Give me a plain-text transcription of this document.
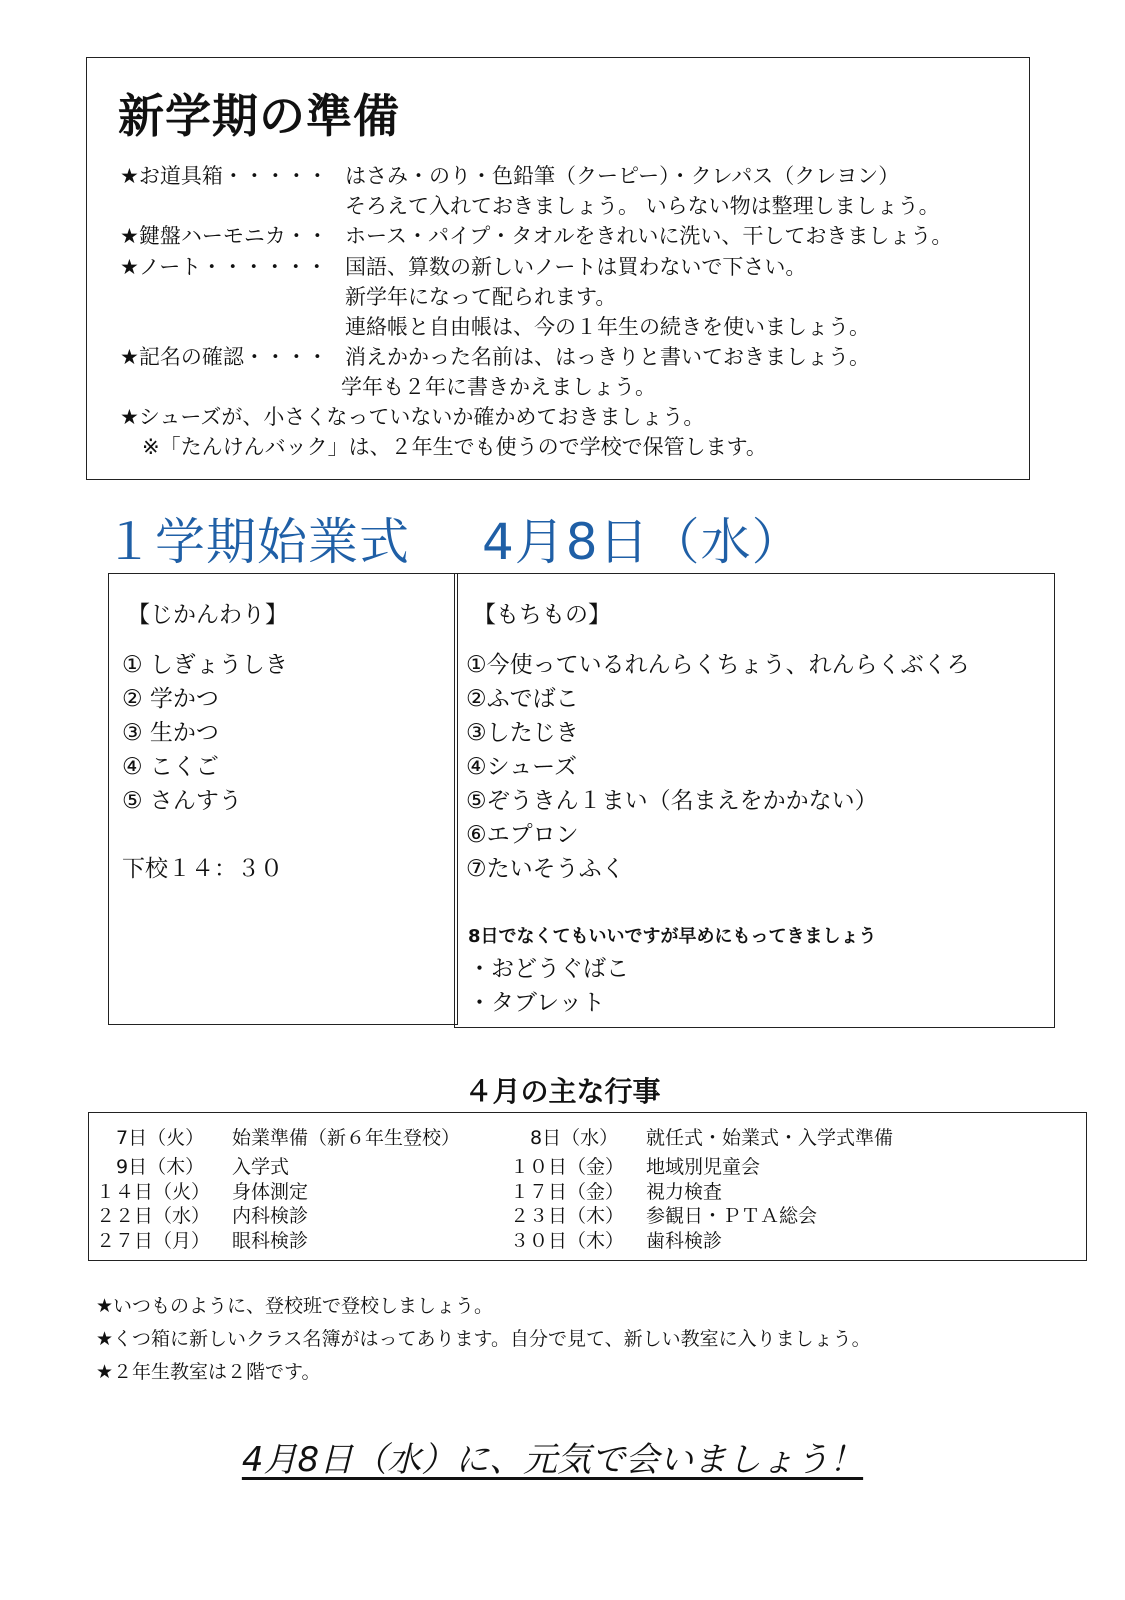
新学期の準備
★お道具箱・・・・・ はさみ・のり・色鉛筆（クーピー）・クレパス（クレヨン）
そろえて入れておきましょう。 いらない物は整理しましょう。
★鍵盤ハーモニカ・・ ホース・パイプ・タオルをきれいに洗い、干しておきましょう。
★ノート・・・・・・ 国語、算数の新しいノートは買わないで下さい。
新学年になって配られます。
連絡帳と自由帳は、今の１年生の続きを使いましょう。
★記名の確認・・・・ 消えかかった名前は、はっきりと書いておきましょう。
学年も２年に書きかえましょう。
★シューズが、小さくなっていないか確かめておきましょう。
※「たんけんバック」は、２年生でも使うので学校で保管します。
１学期始業式 4月8日（水）
【じかんわり】
① しぎょうしき
② 学かつ
③ 生かつ
④ こくご
⑤ さんすう
下校１４：３０
【もちもの】
①今使っているれんらくちょう、れんらくぶくろ
②ふでばこ
③したじき
④シューズ
⑤ぞうきん１まい（名まえをかかない）
⑥エプロン
⑦たいそうふく
8日でなくてもいいですが早めにもってきましょう
・おどうぐばこ
・タブレット
４月の主な行事
7日（火） 始業準備（新６年生登校）
9日（木） 入学式
１４日（火） 身体測定
２２日（水） 内科検診
２７日（月） 眼科検診
8日（水） 就任式・始業式・入学式準備
１０日（金） 地域別児童会
１７日（金） 視力検査
２３日（木） 参観日・ＰＴＡ総会
３０日（木） 歯科検診
★いつものように、登校班で登校しましょう。
★くつ箱に新しいクラス名簿がはってあります。自分で見て、新しい教室に入りましょう。
★２年生教室は２階です。
4月8日（水）に、元気で会いましょう！
